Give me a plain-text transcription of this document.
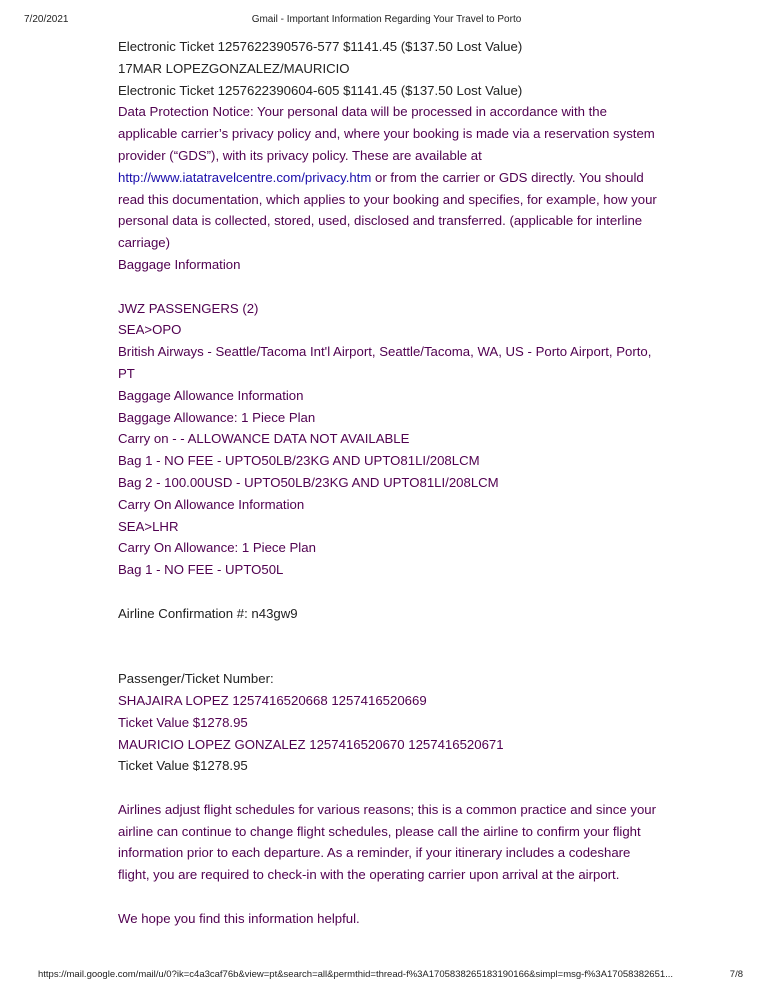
7/20/2021	Gmail - Important Information Regarding Your Travel to Porto
Electronic Ticket 1257622390576-577 $1141.45 ($137.50 Lost Value)
17MAR LOPEZGONZALEZ/MAURICIO
Electronic Ticket 1257622390604-605 $1141.45 ($137.50 Lost Value)
Data Protection Notice: Your personal data will be processed in accordance with the applicable carrier’s privacy policy and, where your booking is made via a reservation system provider (“GDS”), with its privacy policy. These are available at http://www.iatatravelcentre.com/privacy.htm or from the carrier or GDS directly. You should read this documentation, which applies to your booking and specifies, for example, how your personal data is collected, stored, used, disclosed and transferred. (applicable for interline carriage)
Baggage Information
JWZ PASSENGERS (2)
SEA>OPO
British Airways - Seattle/Tacoma Int'l Airport, Seattle/Tacoma, WA, US - Porto Airport, Porto, PT
Baggage Allowance Information
Baggage Allowance: 1 Piece Plan
Carry on - - ALLOWANCE DATA NOT AVAILABLE
Bag 1 - NO FEE - UPTO50LB/23KG AND UPTO81LI/208LCM
Bag 2 - 100.00USD - UPTO50LB/23KG AND UPTO81LI/208LCM
Carry On Allowance Information
SEA>LHR
Carry On Allowance: 1 Piece Plan
Bag 1 - NO FEE - UPTO50L
Airline Confirmation #: n43gw9
Passenger/Ticket Number:
SHAJAIRA LOPEZ 1257416520668 1257416520669
Ticket Value $1278.95
MAURICIO LOPEZ GONZALEZ 1257416520670 1257416520671
Ticket Value $1278.95
Airlines adjust flight schedules for various reasons; this is a common practice and since your airline can continue to change flight schedules, please call the airline to confirm your flight information prior to each departure. As a reminder, if your itinerary includes a codeshare flight, you are required to check-in with the operating carrier upon arrival at the airport.
We hope you find this information helpful.
https://mail.google.com/mail/u/0?ik=c4a3caf76b&view=pt&search=all&permthid=thread-f%3A1705838265183190166&simpl=msg-f%3A17058382651...	7/8
